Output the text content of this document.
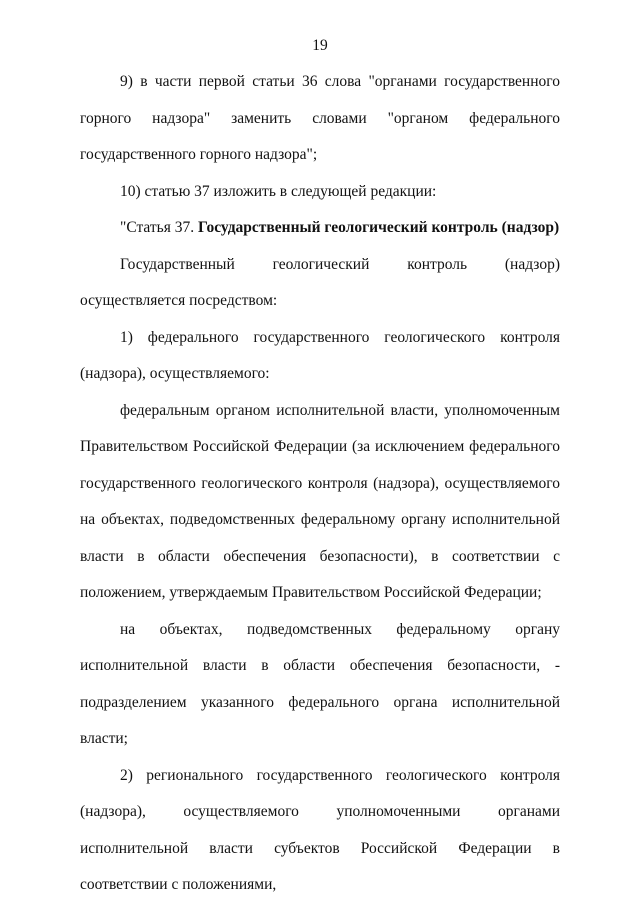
19

9) в части первой статьи 36 слова "органами государственного горного надзора" заменить словами "органом федерального государственного горного надзора";

10) статью 37 изложить в следующей редакции:

"Статья 37. Государственный геологический контроль (надзор)

Государственный геологический контроль (надзор) осуществляется посредством:

1) федерального государственного геологического контроля (надзора), осуществляемого:

федеральным органом исполнительной власти, уполномоченным Правительством Российской Федерации (за исключением федерального государственного геологического контроля (надзора), осуществляемого на объектах, подведомственных федеральному органу исполнительной власти в области обеспечения безопасности), в соответствии с положением, утверждаемым Правительством Российской Федерации;

на объектах, подведомственных федеральному органу исполнительной власти в области обеспечения безопасности, - подразделением указанного федерального органа исполнительной власти;

2) регионального государственного геологического контроля (надзора), осуществляемого уполномоченными органами исполнительной власти субъектов Российской Федерации в соответствии с положениями,
